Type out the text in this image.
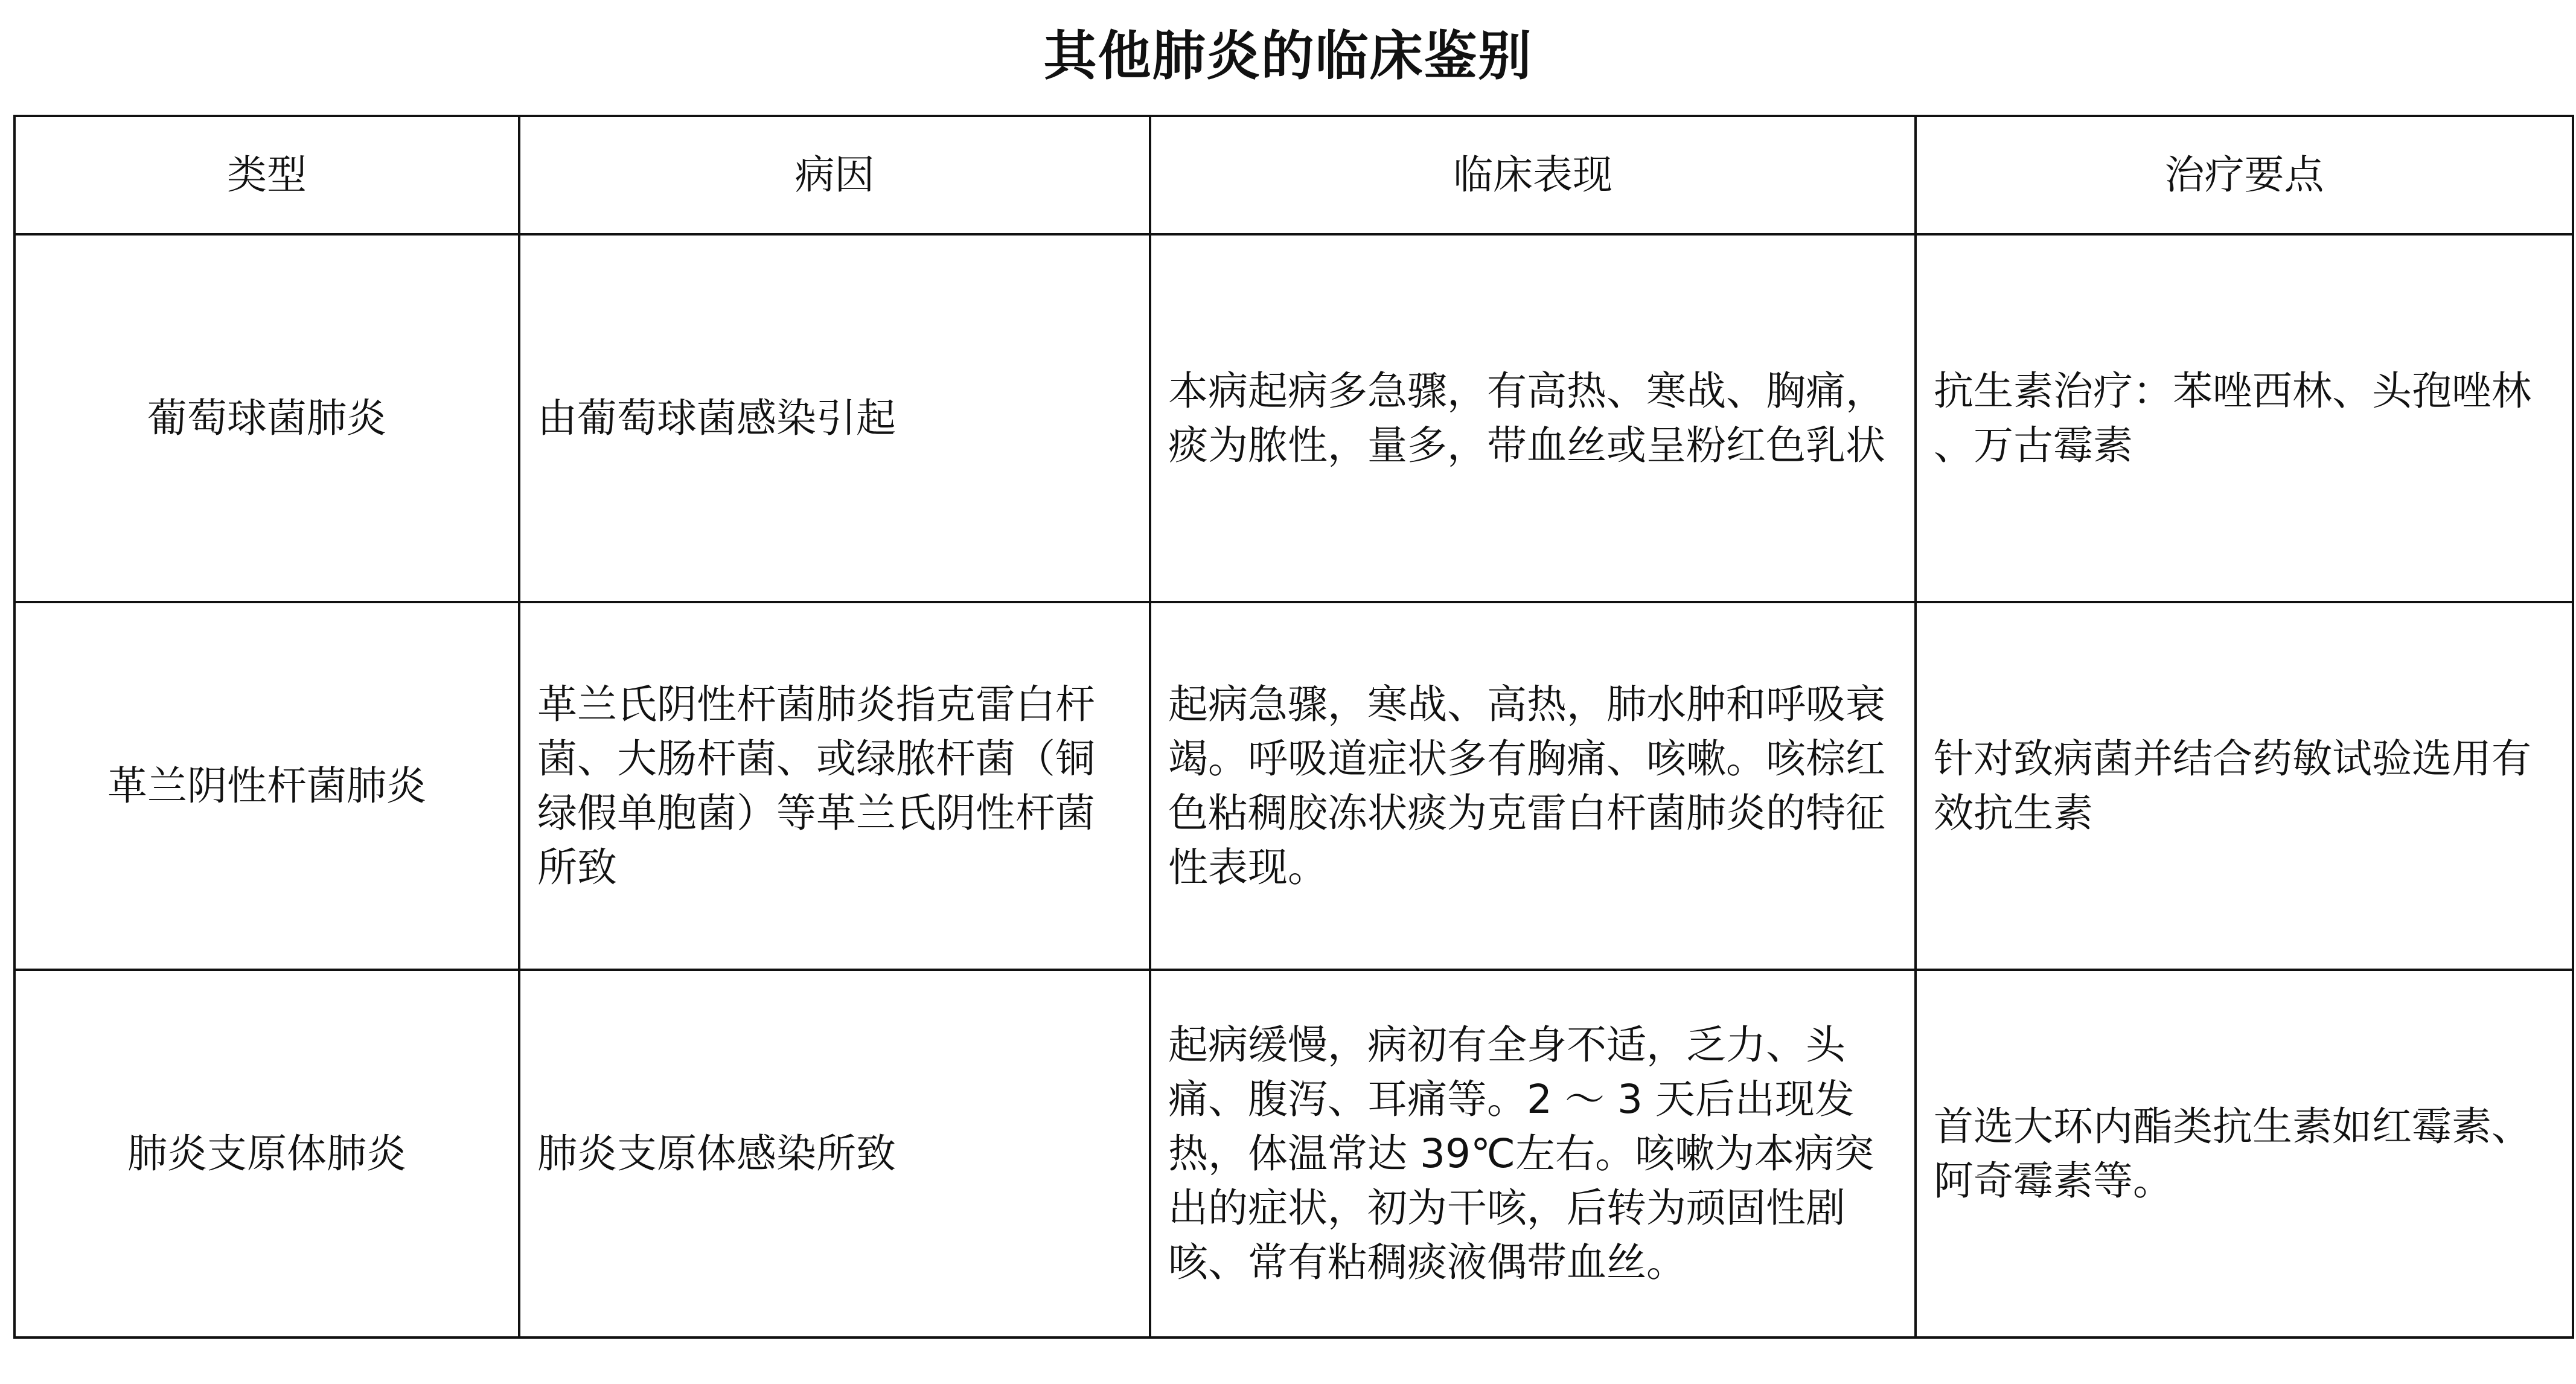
其他肺炎的临床鉴别
类型	病因	临床表现	治疗要点
葡萄球菌肺炎	由葡萄球菌感染引起	本病起病多急骤，有高热、寒战、胸痛，痰为脓性，量多，带血丝或呈粉红色乳状	抗生素治疗：苯唑西林、头孢唑林 、万古霉素
革兰阴性杆菌肺炎	革兰氏阴性杆菌肺炎指克雷白杆菌、大肠杆菌、或绿脓杆菌（铜绿假单胞菌）等革兰氏阴性杆菌所致	起病急骤，寒战、高热，肺水肿和呼吸衰竭。呼吸道症状多有胸痛、咳嗽。咳棕红色粘稠胶冻状痰为克雷白杆菌肺炎的特征性表现。	针对致病菌并结合药敏试验选用有效抗生素
肺炎支原体肺炎	肺炎支原体感染所致	起病缓慢，病初有全身不适，乏力、头痛、腹泻、耳痛等。2 ～ 3 天后出现发热，体温常达 39℃左右。咳嗽为本病突出的症状，初为干咳，后转为顽固性剧咳、常有粘稠痰液偶带血丝。	首选大环内酯类抗生素如红霉素、阿奇霉素等。
